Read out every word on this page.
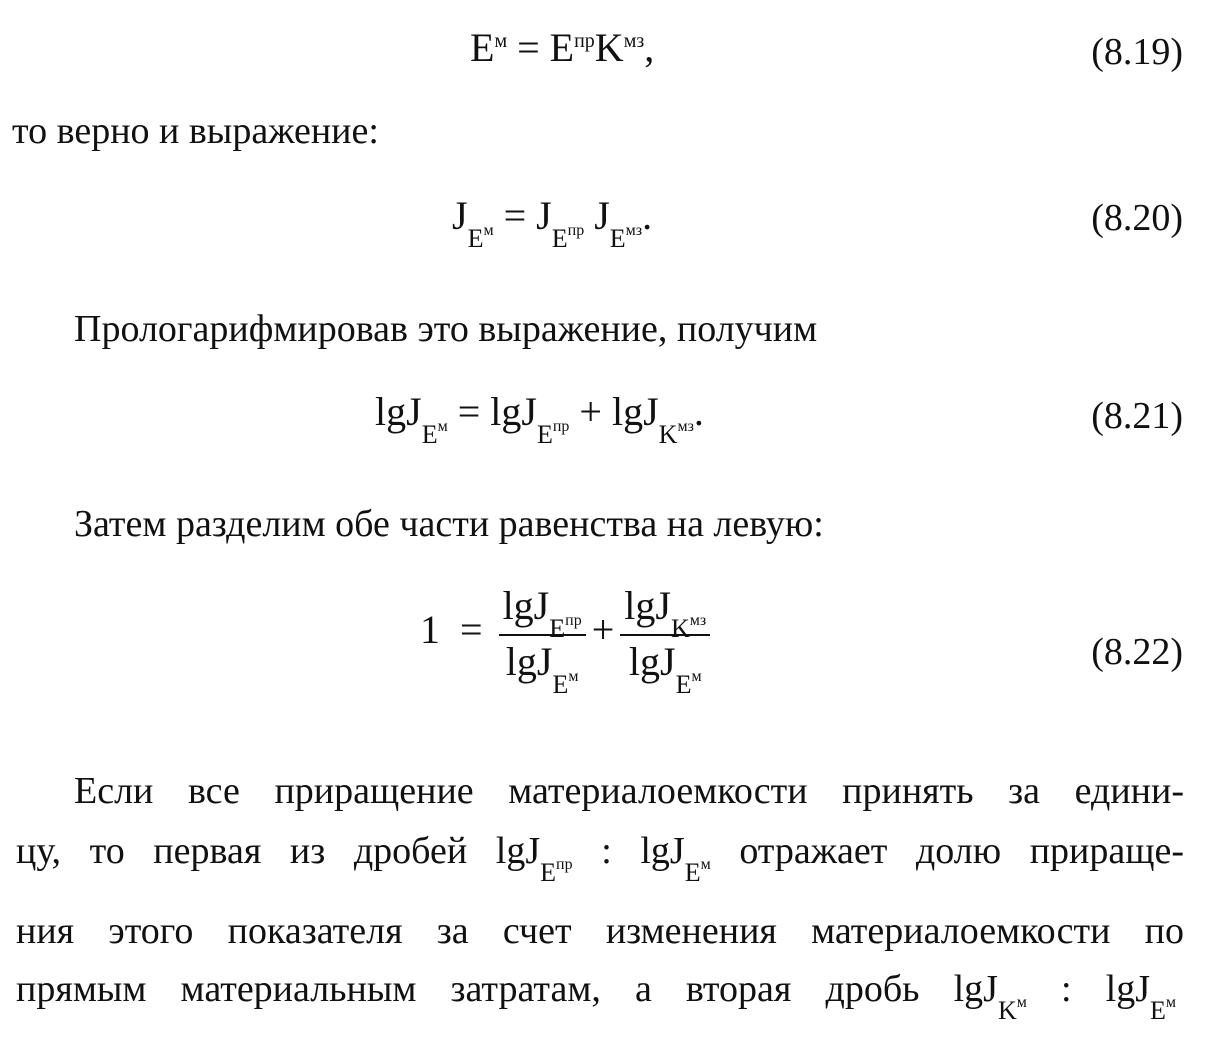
$E^м = E^{пр}K^{мз}$,	(8.19)
то верно и выражение:
$J_{E^м} = J_{E^{пр}}$ $J_{E^{мз}}$.	(8.20)
Прологарифмировав это выражение, получим
lgJ$_{E^м}$ = lgJ$_{E^{пр}}$ + lgJ$_{K^{мз}}$.	(8.21)
Затем разделим обе части равенства на левую:
$1 = \frac{\lg J_{E^{пр}}}{\lg J_{E^м}} + \frac{\lg J_{K^{мз}}}{\lg J_{E^м}}$	(8.22)
Если все приращение материалоемкости принять за едини-
цу, то первая из дробей lgJ$_{E^{пр}}$ : lgJ$_{E^м}$ отражает долю прираще-
ния этого показателя за счет изменения материалоемкости по
прямым материальным затратам, а вторая дробь lgJ$_{K^м}$ : lgJ$_{E^м}$
